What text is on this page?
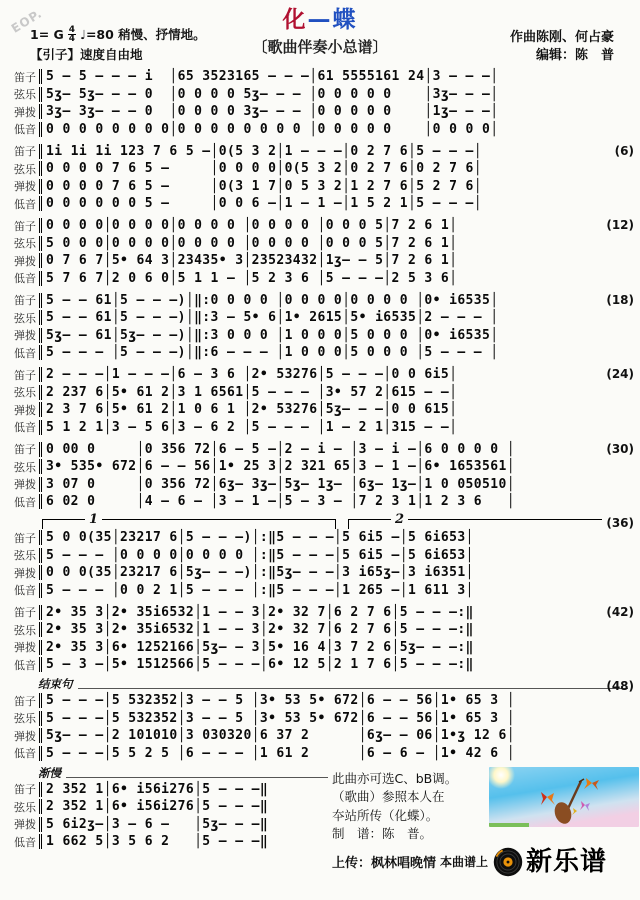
EOP.	化—蝶
〔歌曲伴奏小总谱〕
1= G 4
4 ♩=80 稍慢、抒情地。
【引子】速度自由地
作曲陈刚、何占豪
编辑：陈　普
笛子 5 — 5 — — — i  │65 3523165 — — —│61 5555161 24│3 — — —│
弦乐 5ʒ— 5ʒ— — — 0  │0 0 0 0 5ʒ— — — │0 0 0 0 0    │3ʒ— — —│
弹拨 3ʒ— 3ʒ— — — 0  │0 0 0 0 3ʒ— — — │0 0 0 0 0    │1ʒ— — —│
低音 0 0 0 0 0 0 0 0│0 0 0 0 0 0 0 0 │0 0 0 0 0    │0 0 0 0│
笛子 1i 1i 1i 123 7 6 5 —│0(5 3 2│1 — — —│0 2 7 6│5 — — —│
弦乐 0 0 0 0 7 6 5 —     │0 0 0 0│0(5 3 2│0 2 7 6│0 2 7 6│
弹拨 0 0 0 0 7 6 5 —     │0(3 1 7│0 5 3 2│1 2 7 6│5 2 7 6│
低音 0 0 0 0 0 0 5 —     │0 0 6 —│1 — 1 —│1 5 2 1│5 — — —│
(6)
笛子 0 0 0 0│0 0 0 0│0 0 0 0 │0 0 0 0 │0 0 0 5│7 2 6 1│
弦乐 5 0 0 0│0 0 0 0│0 0 0 0 │0 0 0 0 │0 0 0 5│7 2 6 1│
弹拨 0 7 6 7│5• 64 3│23435• 3│23523432│1ʒ— — 5│7 2 6 1│
低音 5 7 6 7│2 0 6 0│5 1 1 — │5 2 3 6 │5 — — —│2 5 3 6│
(12)
笛子 5 — — 61│5 — — —)│‖:0 0 0 0 │0 0 0 0│0 0 0 0 │0• i6535│
弦乐 5 — — 61│5 — — —)│‖:3 — 5• 6│1• 2615│5• i6535│2 — — — │
弹拨 5ʒ— — 61│5ʒ— — —)│‖:3 0 0 0 │1 0 0 0│5 0 0 0 │0• i6535│
低音 5 — — — │5 — — —)│‖:6 — — — │1 0 0 0│5 0 0 0 │5 — — — │
(18)
笛子 2 — — —│1 — — —│6 — 3 6 │2• 53276│5 — — —│0 0 6i5│
弦乐 2 237 6│5• 61 2│3 1 6561│5 — — — │3• 57 2│615 — —│
弹拨 2 3 7 6│5• 61 2│1 0 6 1 │2• 53276│5ʒ— — —│0 0 615│
低音 5 1 2 1│3 — 5 6│3 — 6 2 │5 — — — │1 — 2 1│315 — —│
(24)
笛子 0 00 0     │0 356 72│6 — 5 —│2 — i — │3 — i —│6 0 0 0 0 │
弦乐 3• 535• 672│6 — — 56│1• 25 3│2 321 65│3 — 1 —│6• 1653561│
弹拨 3 07 0     │0 356 72│6ʒ— 3ʒ—│5ʒ— 1ʒ— │6ʒ— 1ʒ—│1 0 050510│
低音 6 02 0     │4 — 6 — │3 — 1 —│5 — 3 — │7 2 3 1│1 2 3 6   │
(30)
1	2
笛子 5 0 0(35│23217 6│5 — — —)│:‖5 — — —│5 6i5 —│5 6i653│
弦乐 5 — — — │0 0 0 0│0 0 0 0 │:‖5 — — —│5 6i5 —│5 6i653│
弹拨 0 0 0(35│23217 6│5ʒ— — —)│:‖5ʒ— — —│3 i65ʒ—│3 i6351│
低音 5 — — — │0 0 2 1│5 — — — │:‖5 — — —│1 265 —│1 611 3│
(36)
笛子 2• 35 3│2• 35i6532│1 — — 3│2• 32 7│6 2 7 6│5 — — —:‖
弦乐 2• 35 3│2• 35i6532│1 — — 3│2• 32 7│6 2 7 6│5 — — —:‖
弹拨 2• 35 3│6• 1252166│5ʒ— — 3│5• 16 4│3 7 2 6│5ʒ— — —:‖
低音 5 — 3 —│5• 1512566│5 — — —│6• 12 5│2 1 7 6│5 — — —:‖
(42)
结束句
笛子 5 — — —│5 532352│3 — — 5 │3• 53 5• 672│6 — — 56│1• 65 3 │
弦乐 5 — — —│5 532352│3 — — 5 │3• 53 5• 672│6 — — 56│1• 65 3 │
弹拨 5ʒ— — —│2 101010│3 030320│6 37 2      │6ʒ— — 06│1•ʒ 12 6│
低音 5 — — —│5 5 2 5 │6 — — — │1 61 2      │6 — 6 — │1• 42 6 │
(48)
渐慢
笛子 2 352 1│6• i56i276│5 — — —‖
弦乐 2 352 1│6• i56i276│5 — — —‖
弹拨 5 6i2ʒ—│3 — 6 —   │5ʒ— — —‖
低音 1 662 5│3 5 6 2   │5 — — —‖
此曲亦可选C、bB调。
（歌曲）参照本人在
夲站所传（化蝶）。
制　谱：陈　普。
上传：枫林唱晚情 本曲谱上 新乐谱
